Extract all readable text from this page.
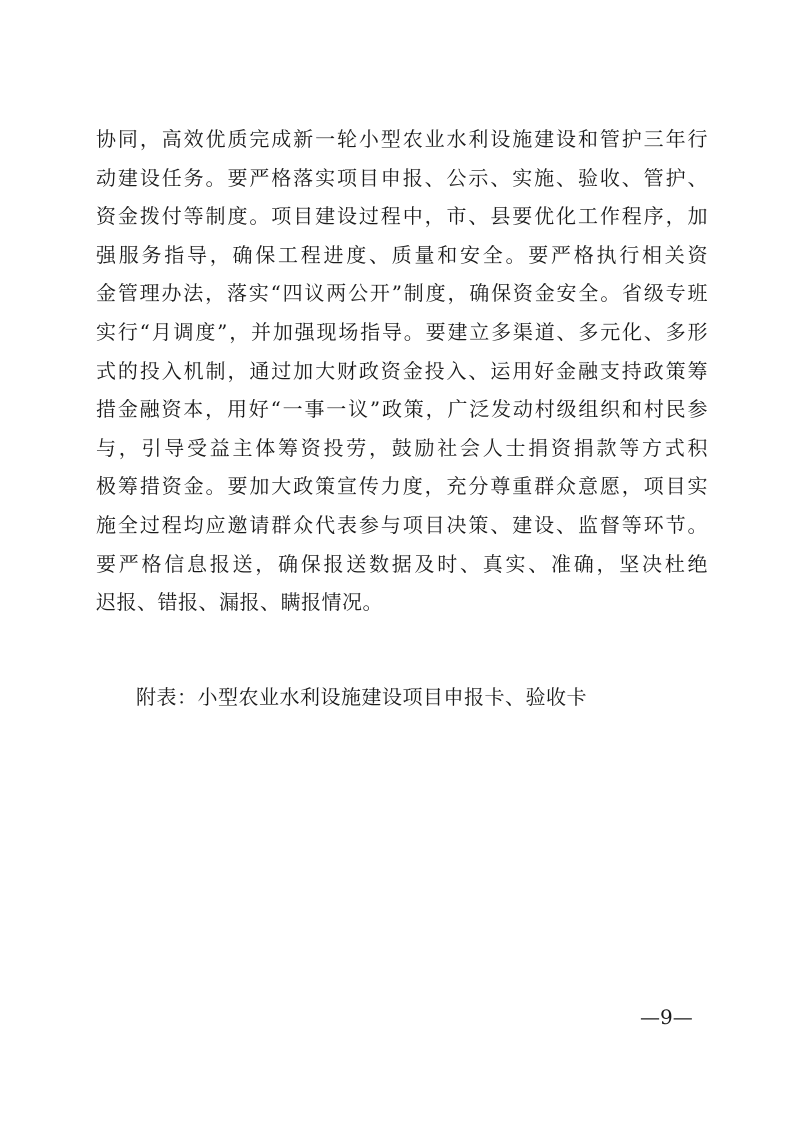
协同，高效优质完成新一轮小型农业水利设施建设和管护三年行
动建设任务。要严格落实项目申报、公示、实施、验收、管护、
资金拨付等制度。项目建设过程中，市、县要优化工作程序，加
强服务指导，确保工程进度、质量和安全。要严格执行相关资
金管理办法，落实“四议两公开”制度，确保资金安全。省级专班
实行“月调度”，并加强现场指导。要建立多渠道、多元化、多形
式的投入机制，通过加大财政资金投入、运用好金融支持政策筹
措金融资本，用好“一事一议”政策，广泛发动村级组织和村民参
与，引导受益主体筹资投劳，鼓励社会人士捐资捐款等方式积
极筹措资金。要加大政策宣传力度，充分尊重群众意愿，项目实
施全过程均应邀请群众代表参与项目决策、建设、监督等环节。
要严格信息报送，确保报送数据及时、真实、准确，坚决杜绝
迟报、错报、漏报、瞒报情况。
附表：小型农业水利设施建设项目申报卡、验收卡
—9—
